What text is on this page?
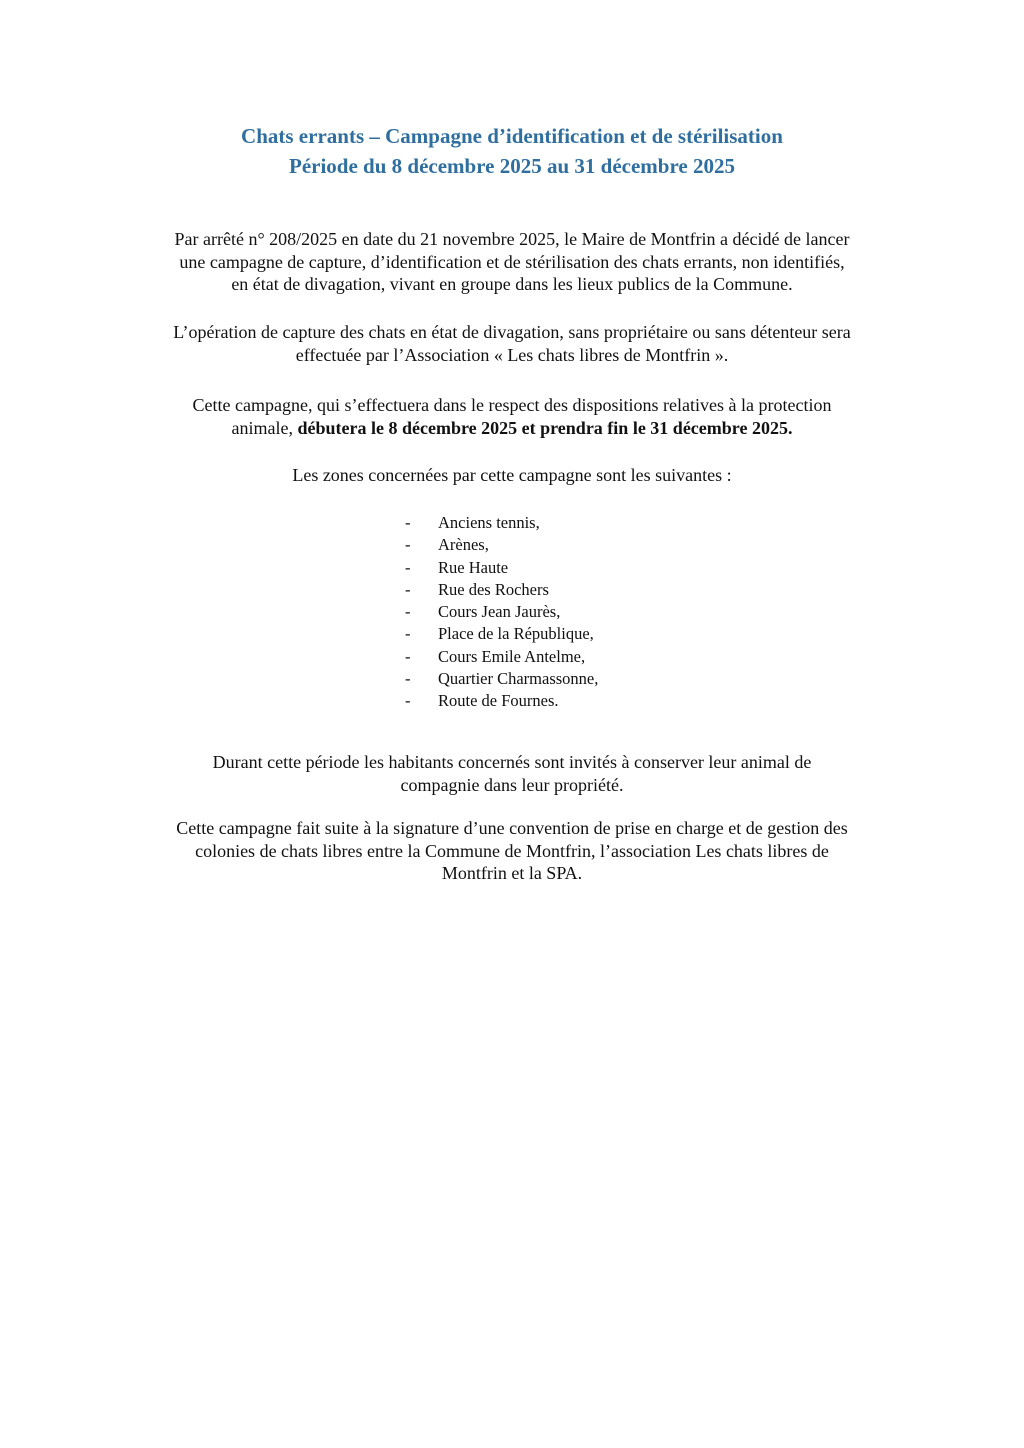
Chats errants – Campagne d’identification et de stérilisation
Période du 8 décembre 2025 au 31 décembre 2025
Par arrêté n° 208/2025 en date du 21 novembre 2025, le Maire de Montfrin a décidé de lancer
une campagne de capture, d’identification et de stérilisation des chats errants, non identifiés,
en état de divagation, vivant en groupe dans les lieux publics de la Commune.
L’opération de capture des chats en état de divagation, sans propriétaire ou sans détenteur sera
effectuée par l’Association « Les chats libres de Montfrin ».
Cette campagne, qui s’effectuera dans le respect des dispositions relatives à la protection
animale, débutera le 8 décembre 2025 et prendra fin le 31 décembre 2025.
Les zones concernées par cette campagne sont les suivantes :
- Anciens tennis,
- Arènes,
- Rue Haute
- Rue des Rochers
- Cours Jean Jaurès,
- Place de la République,
- Cours Emile Antelme,
- Quartier Charmassonne,
- Route de Fournes.
Durant cette période les habitants concernés sont invités à conserver leur animal de
compagnie dans leur propriété.
Cette campagne fait suite à la signature d’une convention de prise en charge et de gestion des
colonies de chats libres entre la Commune de Montfrin, l’association Les chats libres de
Montfrin et la SPA.
